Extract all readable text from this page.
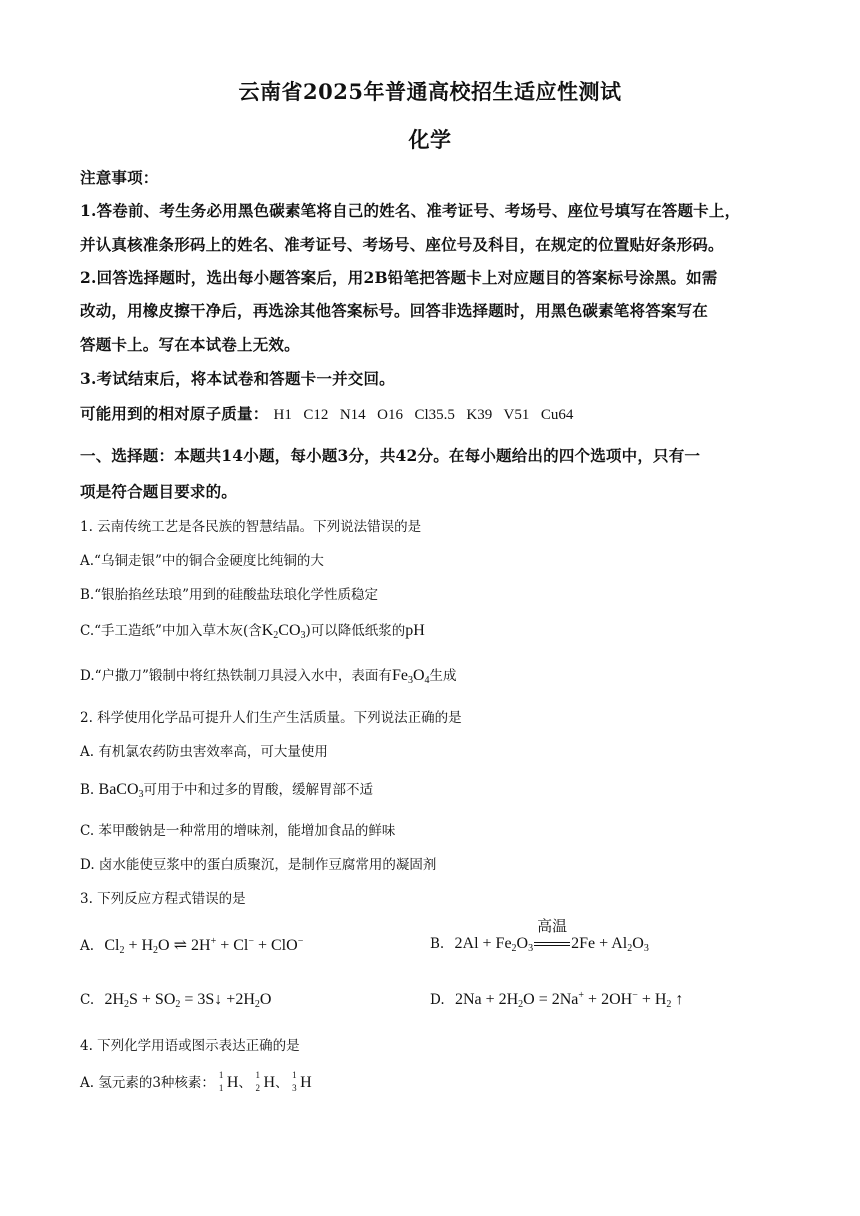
云南省2025年普通高校招生适应性测试
化学
注意事项：
1.答卷前、考生务必用黑色碳素笔将自己的姓名、准考证号、考场号、座位号填写在答题卡上，
并认真核准条形码上的姓名、准考证号、考场号、座位号及科目，在规定的位置贴好条形码。
2.回答选择题时，选出每小题答案后，用2B铅笔把答题卡上对应题目的答案标号涂黑。如需
改动，用橡皮擦干净后，再选涂其他答案标号。回答非选择题时，用黑色碳素笔将答案写在
答题卡上。写在本试卷上无效。
3.考试结束后，将本试卷和答题卡一并交回。
可能用到的相对原子质量： H1  C12  N14  O16  Cl35.5  K39  V51  Cu64
一、选择题：本题共14小题，每小题3分，共42分。在每小题给出的四个选项中，只有一
项是符合题目要求的。
1. 云南传统工艺是各民族的智慧结晶。下列说法错误的是
A.“乌铜走银”中的铜合金硬度比纯铜的大
B.“银胎掐丝珐琅”用到的硅酸盐珐琅化学性质稳定
C.“手工造纸”中加入草木灰(含$K_2CO_3$)可以降低纸浆的pH
D.“户撒刀”锻制中将红热铁制刀具浸入水中，表面有$Fe_3O_4$生成
2. 科学使用化学品可提升人们生产生活质量。下列说法正确的是
A. 有机氯农药防虫害效率高，可大量使用
B. BaCO$_3$可用于中和过多的胃酸，缓解胃部不适
C. 苯甲酸钠是一种常用的增味剂，能增加食品的鲜味
D. 卤水能使豆浆中的蛋白质聚沉，是制作豆腐常用的凝固剂
3. 下列反应方程式错误的是
A. $Cl_2 + H_2O$ ⇌ 2H+ + Cl− + ClO−	B. $2Al + Fe_2O_3$
高温
$2Fe + Al_2O_3$
C. $2H_2S + SO_2$ = 3S↓ $+2H_2O$	D. $2Na + 2H_2O = 2Na^+ + 2OH^- + H_2$ ↑
4. 下列化学用语或图示表达正确的是
A. 氢元素的3种核素： 1
1 H、 1
2 H、 1
3 H
